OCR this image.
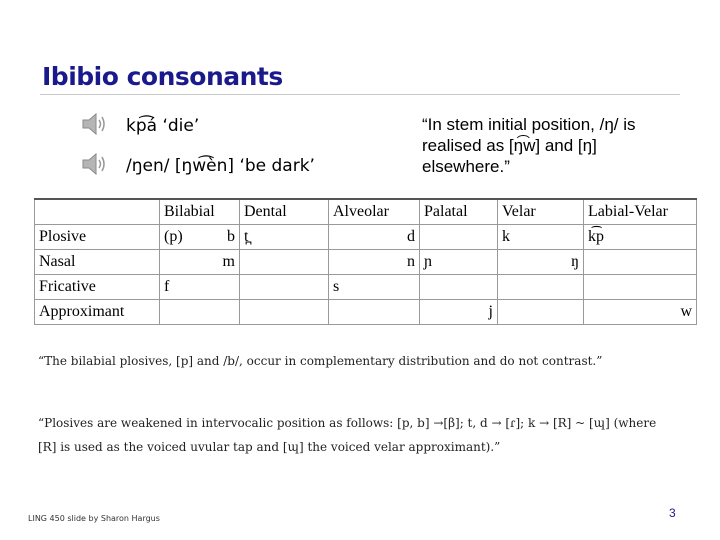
Ibibio consonants
kp͡á ‘die’
/ŋen/ [ŋw͡èn] ‘be dark’
“In stem initial position, /ŋ/ is
realised as [ŋ͡w] and [ŋ]
elsewhere.”
	Bilabial	Dental	Alveolar	Palatal	Velar	Labial-Velar
Plosive	(p) b	t̪	d		k	k͡p

Nasal	m		n	ɲ	ŋ	

Fricative	f		s			

Approximant				j		w
“The bilabial plosives, [p] and /b/, occur in complementary distribution and do not contrast.”
“Plosives are weakened in intervocalic position as follows: [p, b] →[β]; t, d → [ɾ]; k → [R] ~ [ɰ] (where
[R] is used as the voiced uvular tap and [ɰ] the voiced velar approximant).”
LING 450 slide by Sharon Hargus	3
